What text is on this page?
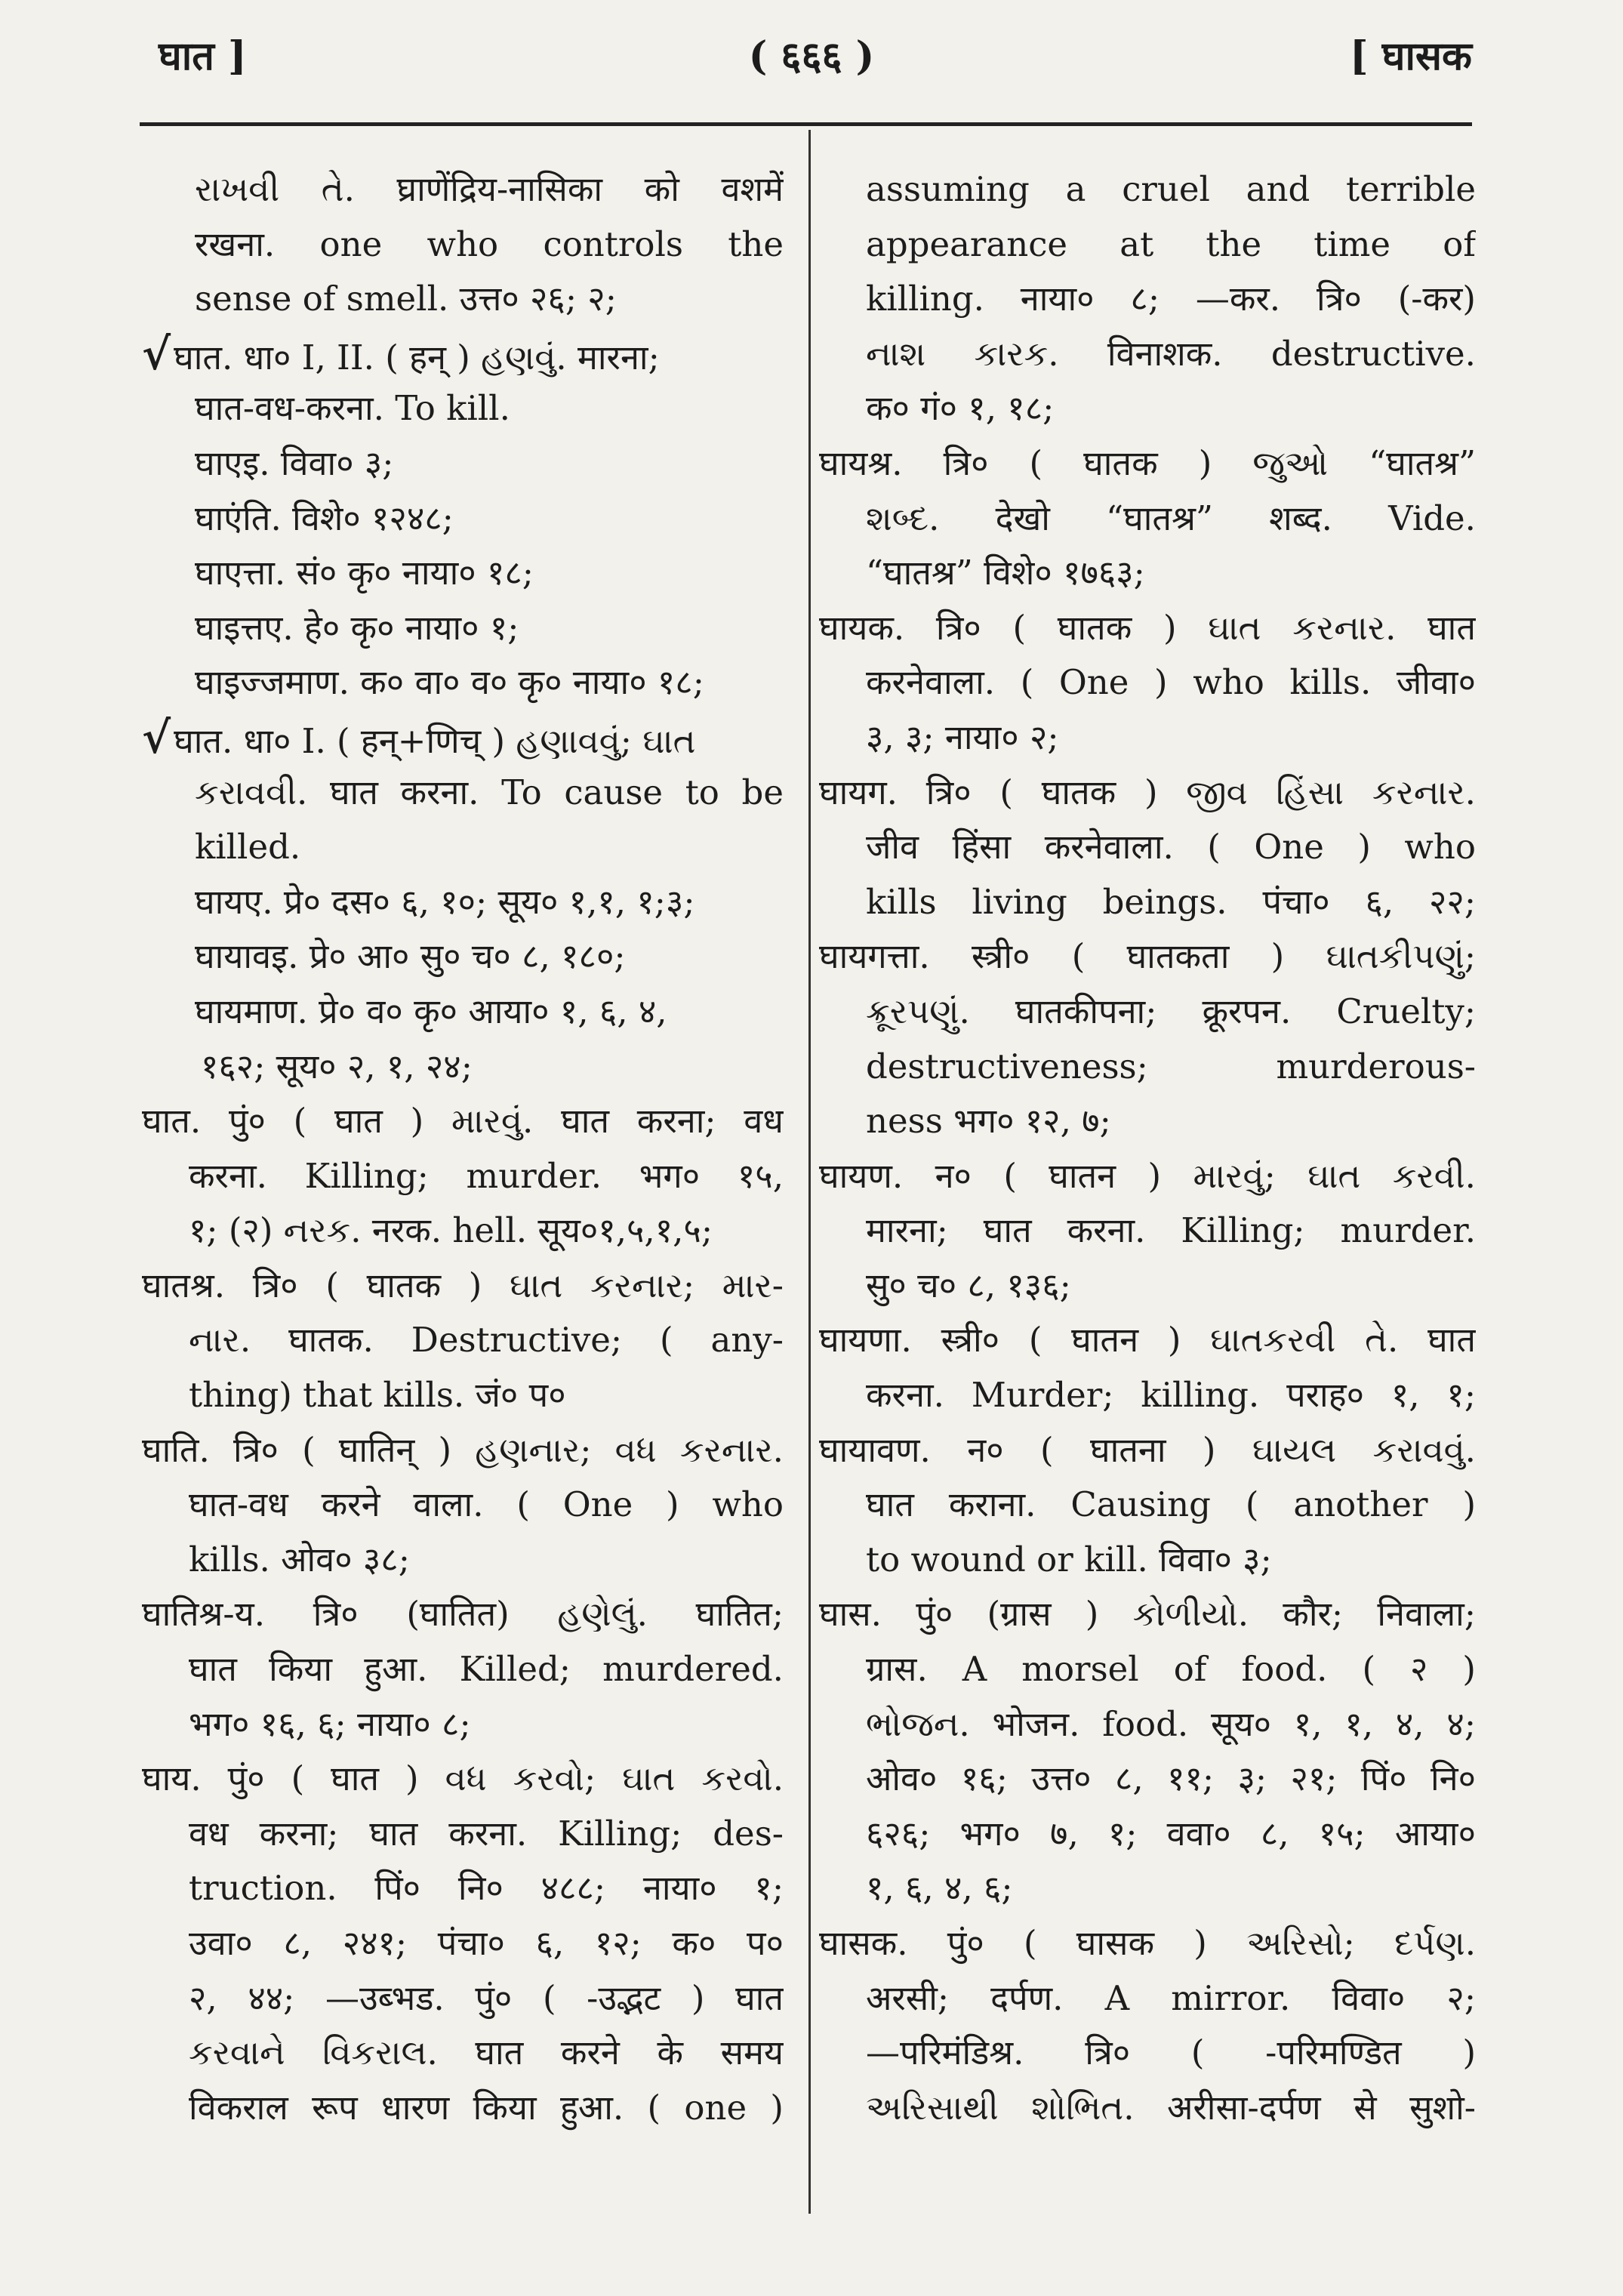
घात ]	( ६६६ )	[ घासक
રાખવી તે. घ्राणेंद्रिय-नासिका को वशमें
रखना. one who controls the
sense of smell. उत्त० २६; २;
√घात. धा० I, II. ( हन् ) હણવું. मारना;
घात-वध-करना. To kill.
घाएइ. विवा० ३;
घाएंति. विशे० १२४८;
घाएत्ता. सं० कृ० नाया० १८;
घाइत्तए. हे० कृ० नाया० १;
घाइज्जमाण. क० वा० व० कृ० नाया० १८;
√घात. धा० I. ( हन्+णिच् ) હણાવવું; ઘાત
કરાવવી. घात करना. To cause to be
killed.
घायए. प्रे० दस० ६, १०; सूय० १,१, १;३;
घायावइ. प्रे० आ० सु० च० ८, १८०;
घायमाण. प्रे० व० कृ० आया० १, ६, ४,
१६२; सूय० २, १, २४;
घात. पुं० ( घात ) મારવું. घात करना; वध
करना. Killing; murder. भग० १५,
१; (२) નરક. नरक. hell. सूय०१,५,१,५;
घातश्र. त्रि० ( घातक ) ઘાત કરનાર; માર-
નાર. घातक. Destructive; ( any-
thing) that kills. जं० प०
घाति. त्रि० ( घातिन् ) હણનાર; વધ કરનાર.
घात-वध करने वाला. ( One ) who
kills. ओव० ३८;
घातिश्र-य. त्रि० (घातित) હણેલું. घातित;
घात किया हुआ. Killed; murdered.
भग० १६, ६; नाया० ८;
घाय. पुं० ( घात ) વધ કરવો; ઘાત કરવો.
वध करना; घात करना. Killing; des-
truction. पिं० नि० ४८८; नाया० १;
उवा० ८, २४१; पंचा० ६, १२; क० प०
२, ४४; —उब्भड. पुं० ( -उद्भट ) घात
કરવાને વિકરાલ. घात करने के समय
विकराल रूप धारण किया हुआ. ( one )
assuming a cruel and terrible
appearance at the time of
killing. नाया० ८; —कर. त्रि० (-कर)
નાશ કારક. विनाशक. destructive.
क० गं० १, १८;
घायश्र. त्रि० ( घातक ) જુઓ “घातश्र”
શબ્દ. देखो “घातश्र” शब्द. Vide.
“घातश्र” विशे० १७६३;
घायक. त्रि० ( घातक ) ઘાત કરનાર. घात
करनेवाला. ( One ) who kills. जीवा०
३, ३; नाया० २;
घायग. त्रि० ( घातक ) જીવ હિંસા કરનાર.
जीव हिंसा करनेवाला. ( One ) who
kills living beings. पंचा० ६, २२;
घायगत्ता. स्त्री० ( घातकता ) ઘાતકીપણું;
ક્રૂરપણું. घातकीपना; क्रूरपन. Cruelty;
destructiveness; murderous-
ness भग० १२, ७;
घायण. न० ( घातन ) મારવું; ઘાત કરવી.
मारना; घात करना. Killing; murder.
सु० च० ८, १३६;
घायणा. स्त्री० ( घातन ) ઘાતકરવી તે. घात
करना. Murder; killing. पराह० १, १;
घायावण. न० ( घातना ) ઘાયલ કરાવવું.
घात कराना. Causing ( another )
to wound or kill. विवा० ३;
घास. पुं० (ग्रास ) કોળીયો. कौर; निवाला;
ग्रास. A morsel of food. ( २ )
ભોજન. भोजन. food. सूय० १, १, ४, ४;
ओव० १६; उत्त० ८, ११; ३; २१; पिं० नि०
६२६; भग० ७, १; ववा० ८, १५; आया०
१, ६, ४, ६;
घासक. पुं० ( घासक ) અરિસો; દર્પણ.
अरसी; दर्पण. A mirror. विवा० २;
—परिमंडिश्र. त्रि० ( -परिमण्डित )
અરિસાથી શોભિત. अरीसा-दर्पण से सुशो-
